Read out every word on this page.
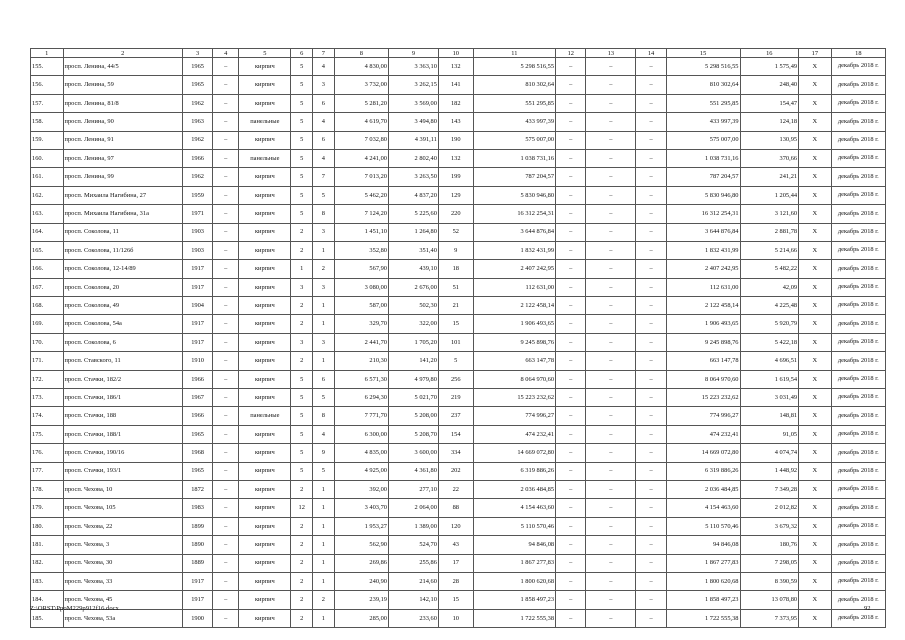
1	2	3	4	5	6	7	8	9	10	11	12	13	14	15	16	17	18
155.	просп. Ленина, 44/5	1965	–	кирпич	5	4	4 830,00	3 363,10	132	5 298 516,55	–	–	–	5 298 516,55	1 575,49	X	декабрь 2018 г.
156.	просп. Ленина, 59	1965	–	кирпич	5	3	3 732,00	3 262,15	141	810 302,64	–	–	–	810 302,64	248,40	X	декабрь 2018 г.
157.	просп. Ленина, 81/8	1962	–	кирпич	5	6	5 281,20	3 569,00	182	551 295,85	–	–	–	551 295,85	154,47	X	декабрь 2018 г.
158.	просп. Ленина, 90	1963	–	панельные	5	4	4 619,70	3 494,80	143	433 997,39	–	–	–	433 997,39	124,18	X	декабрь 2018 г.
159.	просп. Ленина, 91	1962	–	кирпич	5	6	7 032,80	4 391,11	190	575 007,00	–	–	–	575 007,00	130,95	X	декабрь 2018 г.
160.	просп. Ленина, 97	1966	–	панельные	5	4	4 241,00	2 802,40	132	1 038 731,16	–	–	–	1 038 731,16	370,66	X	декабрь 2018 г.
161.	просп. Ленина, 99	1962	–	кирпич	5	7	7 013,20	3 263,50	199	787 204,57	–	–	–	787 204,57	241,21	X	декабрь 2018 г.
162.	просп. Михаила Нагибина, 27	1959	–	кирпич	5	5	5 462,20	4 837,20	129	5 830 946,80	–	–	–	5 830 946,80	1 205,44	X	декабрь 2018 г.
163.	просп. Михаила Нагибина, 31а	1971	–	кирпич	5	8	7 124,20	5 225,60	220	16 312 254,31	–	–	–	16 312 254,31	3 121,60	X	декабрь 2018 г.
164.	просп. Соколова, 11	1903	–	кирпич	2	3	1 451,10	1 264,80	52	3 644 876,84	–	–	–	3 644 876,84	2 881,78	X	декабрь 2018 г.
165.	просп. Соколова, 11/126б	1903	–	кирпич	2	1	352,80	351,40	9	1 832 431,99	–	–	–	1 832 431,99	5 214,66	X	декабрь 2018 г.
166.	просп. Соколова, 12-14/89	1917	–	кирпич	1	2	567,90	439,10	18	2 407 242,95	–	–	–	2 407 242,95	5 482,22	X	декабрь 2018 г.
167.	просп. Соколова, 20	1917	–	кирпич	3	3	3 080,00	2 676,00	51	112 631,00	–	–	–	112 631,00	42,09	X	декабрь 2018 г.
168.	просп. Соколова, 49	1904	–	кирпич	2	1	587,00	502,30	21	2 122 458,14	–	–	–	2 122 458,14	4 225,48	X	декабрь 2018 г.
169.	просп. Соколова, 54а	1917	–	кирпич	2	1	329,70	322,00	15	1 906 493,65	–	–	–	1 906 493,65	5 920,79	X	декабрь 2018 г.
170.	просп. Соколова, 6	1917	–	кирпич	3	3	2 441,70	1 705,20	101	9 245 898,76	–	–	–	9 245 898,76	5 422,18	X	декабрь 2018 г.
171.	просп. Ставского, 11	1910	–	кирпич	2	1	210,30	141,20	5	663 147,78	–	–	–	663 147,78	4 696,51	X	декабрь 2018 г.
172.	просп. Стачки, 182/2	1966	–	кирпич	5	6	6 571,30	4 979,80	256	8 064 970,60	–	–	–	8 064 970,60	1 619,54	X	декабрь 2018 г.
173.	просп. Стачки, 186/1	1967	–	кирпич	5	5	6 294,30	5 021,70	219	15 223 232,62	–	–	–	15 223 232,62	3 031,49	X	декабрь 2018 г.
174.	просп. Стачки, 188	1966	–	панельные	5	8	7 771,70	5 208,00	237	774 996,27	–	–	–	774 996,27	148,81	X	декабрь 2018 г.
175.	просп. Стачки, 188/1	1965	–	кирпич	5	4	6 300,00	5 208,70	154	474 232,41	–	–	–	474 232,41	91,05	X	декабрь 2018 г.
176.	просп. Стачки, 190/16	1968	–	кирпич	5	9	4 835,00	3 600,00	334	14 669 072,80	–	–	–	14 669 072,80	4 074,74	X	декабрь 2018 г.
177.	просп. Стачки, 193/1	1965	–	кирпич	5	5	4 925,00	4 361,80	202	6 319 886,26	–	–	–	6 319 886,26	1 448,92	X	декабрь 2018 г.
178.	просп. Чехова, 10	1872	–	кирпич	2	1	392,00	277,10	22	2 036 484,85	–	–	–	2 036 484,85	7 349,28	X	декабрь 2018 г.
179.	просп. Чехова, 105	1983	–	кирпич	12	1	3 403,70	2 064,00	88	4 154 463,60	–	–	–	4 154 463,60	2 012,82	X	декабрь 2018 г.
180.	просп. Чехова, 22	1899	–	кирпич	2	1	1 953,27	1 389,00	120	5 110 570,46	–	–	–	5 110 570,46	3 679,32	X	декабрь 2018 г.
181.	просп. Чехова, 3	1890	–	кирпич	2	1	562,90	524,70	43	94 846,08	–	–	–	94 846,08	180,76	X	декабрь 2018 г.
182.	просп. Чехова, 30	1889	–	кирпич	2	1	269,86	255,86	17	1 867 277,83	–	–	–	1 867 277,83	7 298,05	X	декабрь 2018 г.
183.	просп. Чехова, 33	1917	–	кирпич	2	1	240,90	214,60	28	1 800 620,68	–	–	–	1 800 620,68	8 390,59	X	декабрь 2018 г.
184.	просп. Чехова, 45	1917	–	кирпич	2	2	239,19	142,10	15	1 858 497,23	–	–	–	1 858 497,23	13 078,80	X	декабрь 2018 г.
185.	просп. Чехова, 53а	1900	–	кирпич	2	1	285,00	233,60	10	1 722 555,38	–	–	–	1 722 555,38	7 373,95	X	декабрь 2018 г.
Z:\ORST\PpoM229p912f16.docx	92
